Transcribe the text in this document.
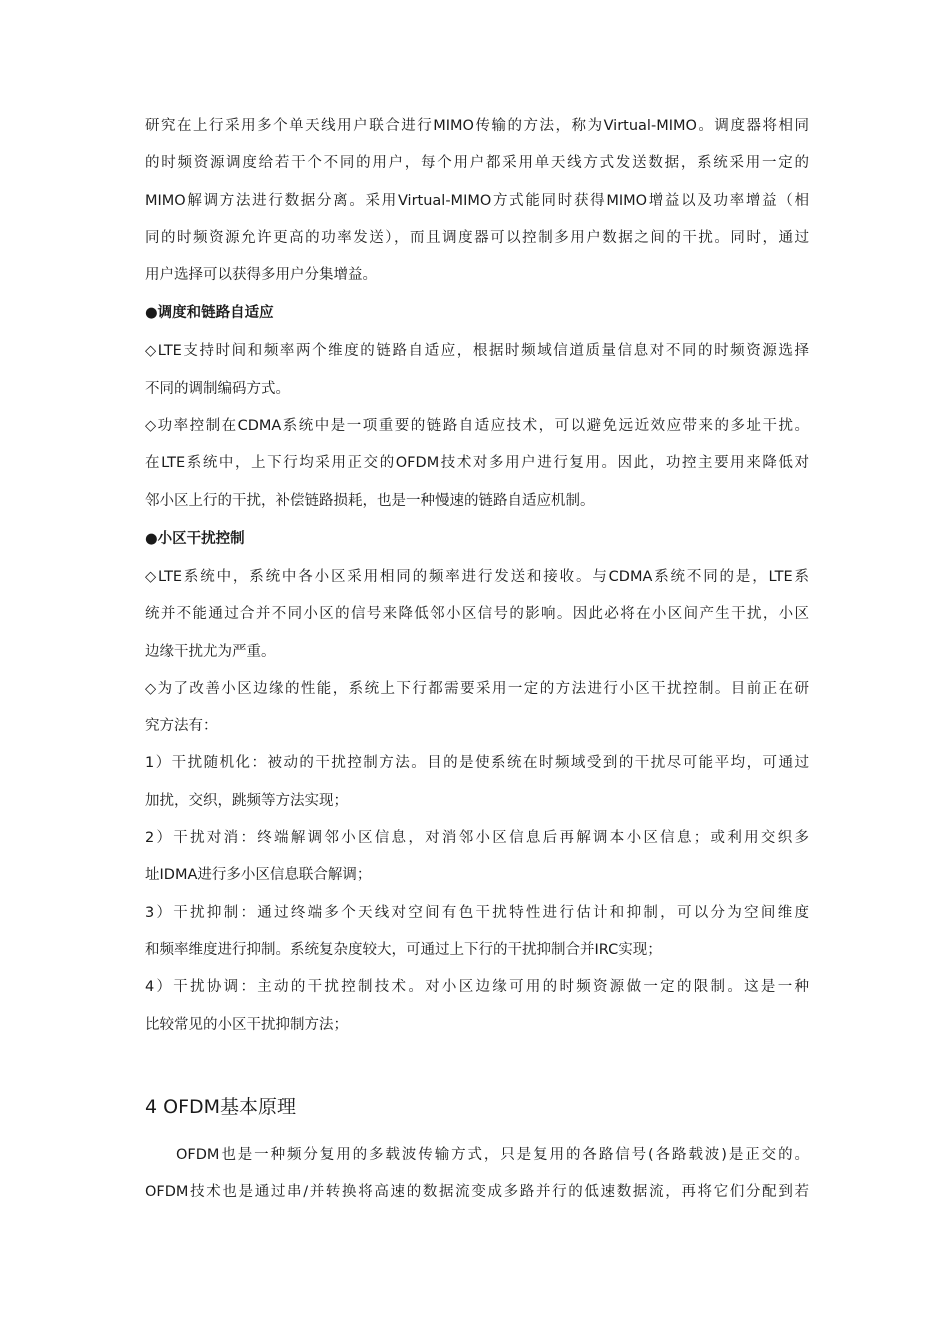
研究在上行采用多个单天线用户联合进行MIMO传输的方法，称为Virtual-MIMO。调度器将相同
的时频资源调度给若干个不同的用户，每个用户都采用单天线方式发送数据，系统采用一定的
MIMO解调方法进行数据分离。采用Virtual-MIMO方式能同时获得MIMO增益以及功率增益（相
同的时频资源允许更高的功率发送），而且调度器可以控制多用户数据之间的干扰。同时，通过
用户选择可以获得多用户分集增益。
●调度和链路自适应
◇LTE支持时间和频率两个维度的链路自适应，根据时频域信道质量信息对不同的时频资源选择
不同的调制编码方式。
◇功率控制在CDMA系统中是一项重要的链路自适应技术，可以避免远近效应带来的多址干扰。
在LTE系统中，上下行均采用正交的OFDM技术对多用户进行复用。因此，功控主要用来降低对
邻小区上行的干扰，补偿链路损耗，也是一种慢速的链路自适应机制。
●小区干扰控制
◇LTE系统中，系统中各小区采用相同的频率进行发送和接收。与CDMA系统不同的是，LTE系
统并不能通过合并不同小区的信号来降低邻小区信号的影响。因此必将在小区间产生干扰，小区
边缘干扰尤为严重。
◇为了改善小区边缘的性能，系统上下行都需要采用一定的方法进行小区干扰控制。目前正在研
究方法有：
1）干扰随机化：被动的干扰控制方法。目的是使系统在时频域受到的干扰尽可能平均，可通过
加扰，交织，跳频等方法实现；
2）干扰对消：终端解调邻小区信息，对消邻小区信息后再解调本小区信息；或利用交织多
址IDMA进行多小区信息联合解调；
3）干扰抑制：通过终端多个天线对空间有色干扰特性进行估计和抑制，可以分为空间维度
和频率维度进行抑制。系统复杂度较大，可通过上下行的干扰抑制合并IRC实现；
4）干扰协调：主动的干扰控制技术。对小区边缘可用的时频资源做一定的限制。这是一种
比较常见的小区干扰抑制方法；
4 OFDM基本原理
OFDM也是一种频分复用的多载波传输方式，只是复用的各路信号(各路载波)是正交的。
OFDM技术也是通过串/并转换将高速的数据流变成多路并行的低速数据流，再将它们分配到若
